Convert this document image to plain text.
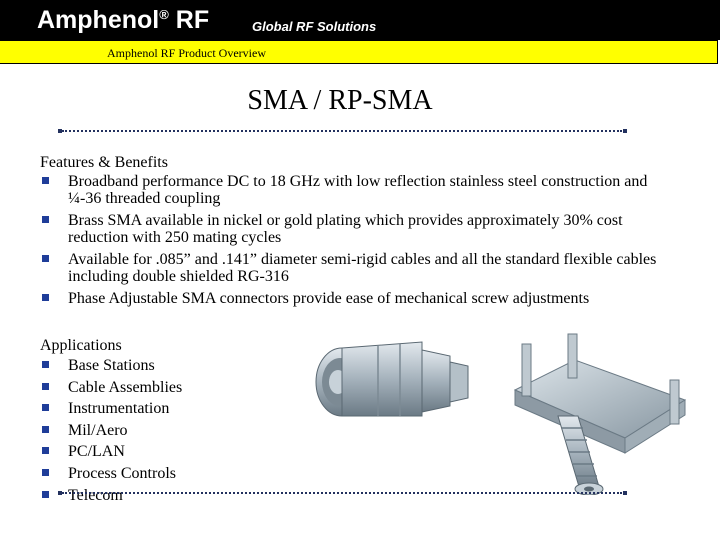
Amphenol® RF	Global RF Solutions
Amphenol RF Product Overview
SMA / RP-SMA
Features & Benefits
Broadband performance DC to 18 GHz with low reflection stainless steel construction and ¼-36 threaded coupling
Brass SMA available in nickel or gold plating which provides approximately 30% cost reduction with 250 mating cycles
Available for .085” and .141” diameter semi-rigid cables and all the standard flexible cables including double shielded RG-316
Phase Adjustable SMA connectors provide ease of mechanical screw adjustments
Applications
Base Stations
Cable Assemblies
Instrumentation
Mil/Aero
PC/LAN
Process Controls
Telecom
